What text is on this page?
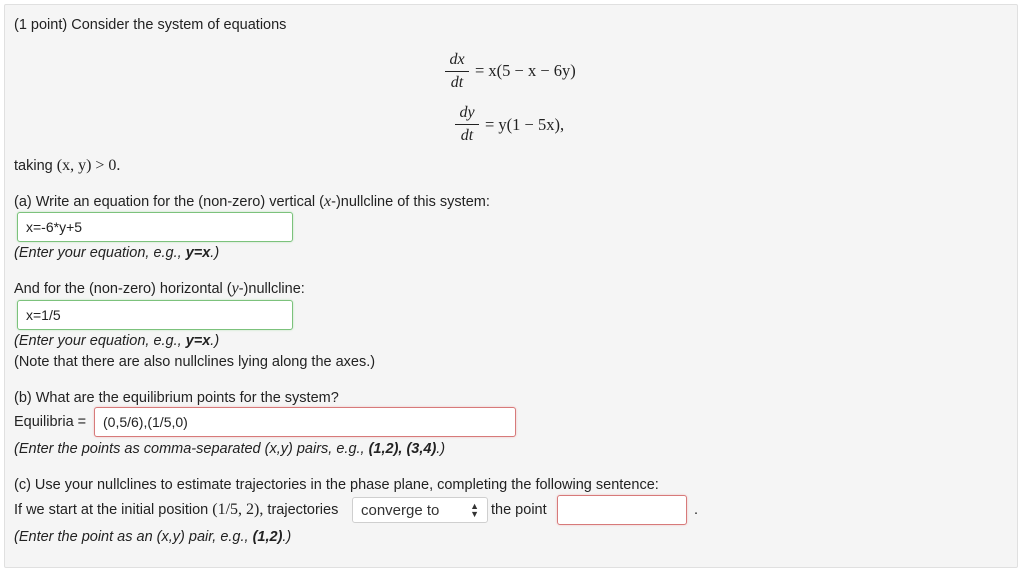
(1 point) Consider the system of equations
dx
dt
= x(5 − x − 6y)
dy
dt
= y(1 − 5x),
taking (x, y) > 0.
(a) Write an equation for the (non-zero) vertical (x-)nullcline of this system:
x=-6*y+5
(Enter your equation, e.g., y=x.)
And for the (non-zero) horizontal (y-)nullcline:
x=1/5
(Enter your equation, e.g., y=x.)
(Note that there are also nullclines lying along the axes.)
(b) What are the equilibrium points for the system?
Equilibria = (0,5/6),(1/5,0)
(Enter the points as comma-separated (x,y) pairs, e.g., (1,2), (3,4).)
(c) Use your nullclines to estimate trajectories in the phase plane, completing the following sentence:
If we start at the initial position (1/5, 2), trajectories converge to	▲
▼ the point	.
(Enter the point as an (x,y) pair, e.g., (1,2).)
